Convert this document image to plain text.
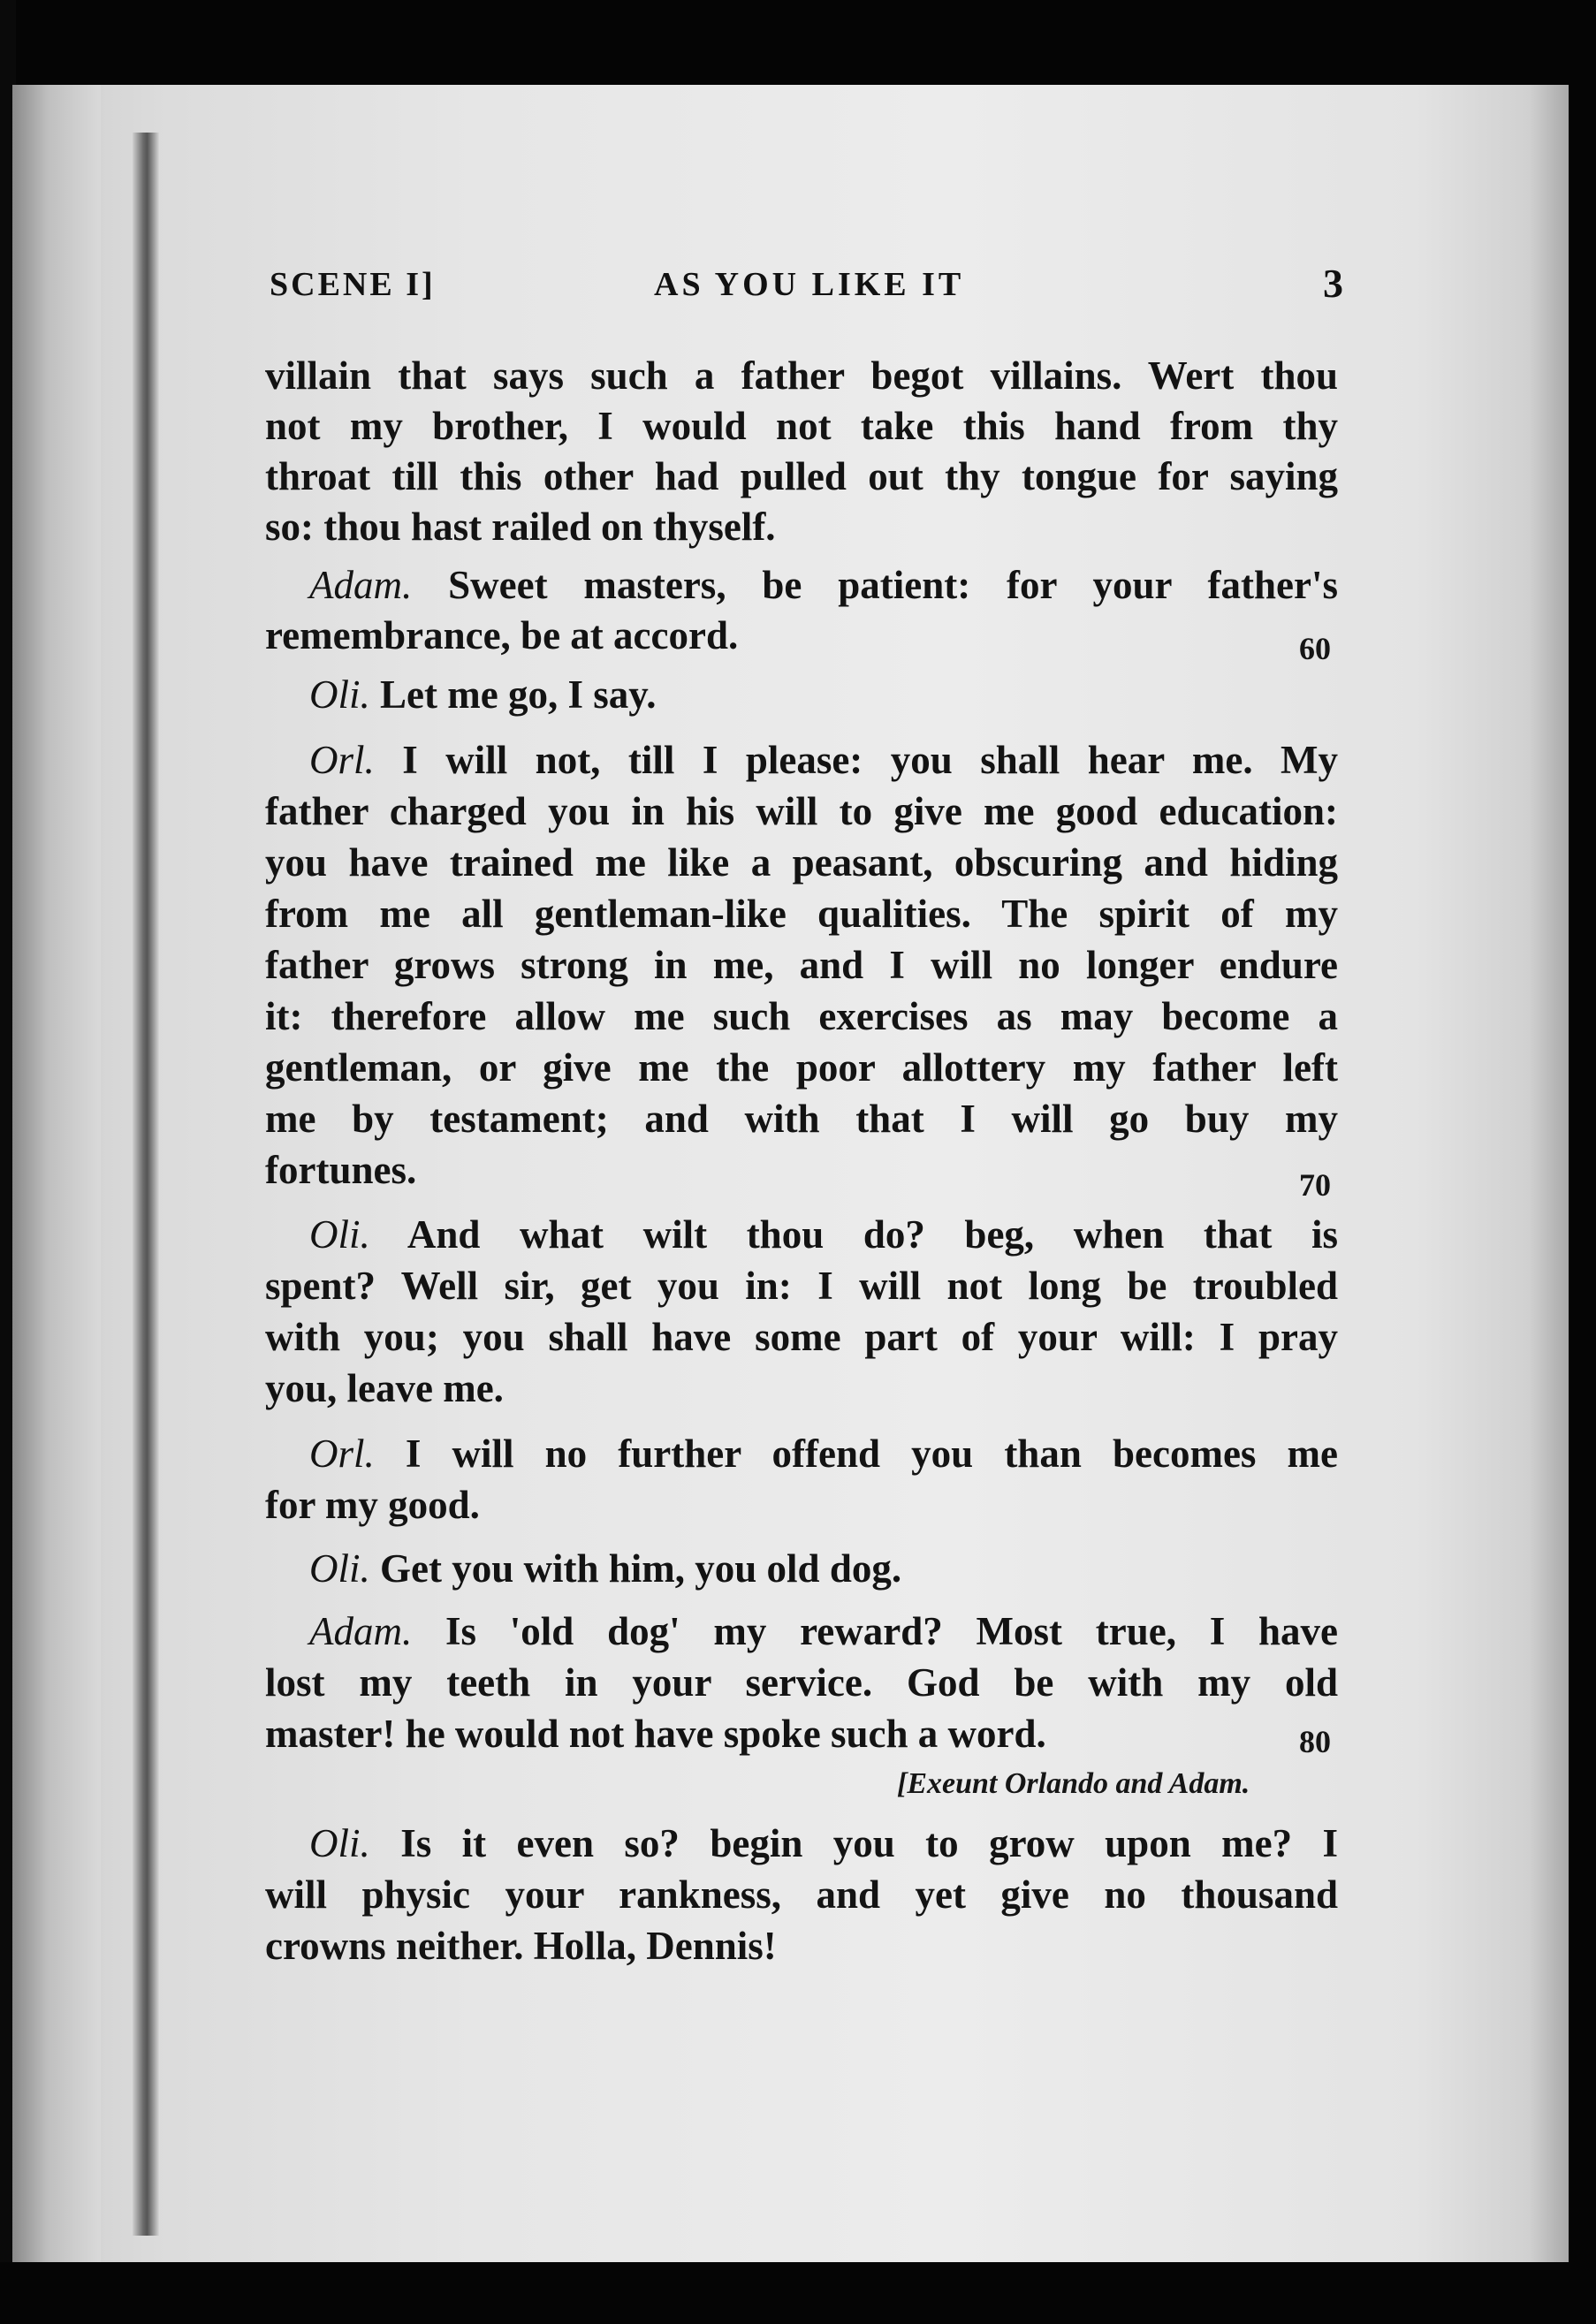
SCENE I]	AS YOU LIKE IT	3
villain that says such a father begot villains. Wert thou
not my brother, I would not take this hand from thy
throat till this other had pulled out thy tongue for saying
so: thou hast railed on thyself.
Adam. Sweet masters, be patient: for your father's
remembrance, be at accord.	60
Oli. Let me go, I say.
Orl. I will not, till I please: you shall hear me. My
father charged you in his will to give me good education:
you have trained me like a peasant, obscuring and hiding
from me all gentleman-like qualities. The spirit of my
father grows strong in me, and I will no longer endure
it: therefore allow me such exercises as may become a
gentleman, or give me the poor allottery my father left
me by testament; and with that I will go buy my
fortunes.	70
Oli. And what wilt thou do? beg, when that is
spent? Well sir, get you in: I will not long be troubled
with you; you shall have some part of your will: I pray
you, leave me.
Orl. I will no further offend you than becomes me
for my good.
Oli. Get you with him, you old dog.
Adam. Is 'old dog' my reward? Most true, I have
lost my teeth in your service. God be with my old
master! he would not have spoke such a word.	80
[Exeunt Orlando and Adam.
Oli. Is it even so? begin you to grow upon me? I
will physic your rankness, and yet give no thousand
crowns neither. Holla, Dennis!
